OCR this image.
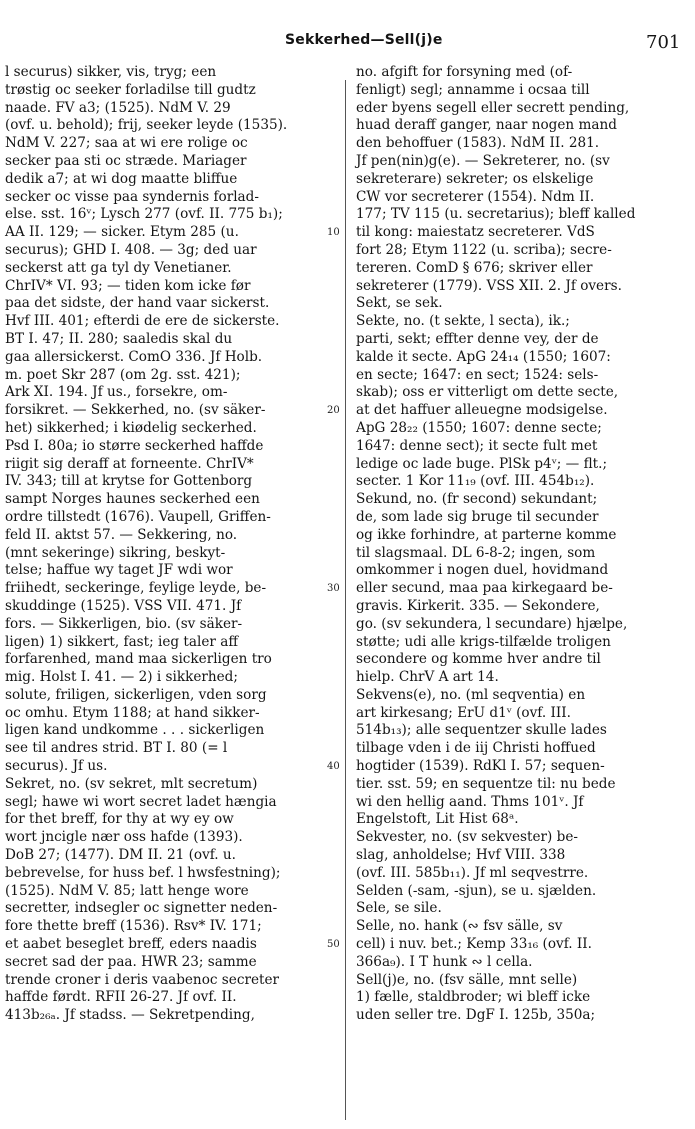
Sekkerhed—Sell(j)e	701
l securus) sikker, vis, tryg; een
trøstig oc seeker forladilse till gudtz
naade. FV a3; (1525). NdM V. 29
(ovf. u. behold); frij, seeker leyde (1535).
NdM V. 227; saa at wi ere rolige oc
secker paa sti oc stræde. Mariager
dedik a7; at wi dog maatte bliffue
secker oc visse paa syndernis forlad-
else. sst. 16ᵛ; Lysch 277 (ovf. II. 775 b₁);
AA II. 129; — sicker. Etym 285 (u.
securus); GHD I. 408. — 3g; ded uar
seckerst att ga tyl dy Venetianer.
ChrIV* VI. 93; — tiden kom icke før
paa det sidste, der hand vaar sickerst.
Hvf III. 401; efterdi de ere de sickerste.
BT I. 47; II. 280; saaledis skal du
gaa allersickerst. ComO 336. Jf Holb.
m. poet Skr 287 (om 2g. sst. 421);
Ark XI. 194. Jf us., forsekre, om-
forsikret. — Sekkerhed, no. (sv säker-
het) sikkerhed; i kiødelig seckerhed.
Psd I. 80a; io større seckerhed haffde
riigit sig deraff at forneente. ChrIV*
IV. 343; till at krytse for Gottenborg
sampt Norges haunes seckerhed een
ordre tillstedt (1676). Vaupell, Griffen-
feld II. aktst 57. — Sekkering, no.
(mnt sekeringe) sikring, beskyt-
telse; haffue wy taget JF wdi wor
friihedt, seckeringe, feylige leyde, be-
skuddinge (1525). VSS VII. 471. Jf
fors. — Sikkerligen, bio. (sv säker-
ligen) 1) sikkert, fast; ieg taler aff
forfarenhed, mand maa sickerligen tro
mig. Holst I. 41. — 2) i sikkerhed;
solute, friligen, sickerligen, vden sorg
oc omhu. Etym 1188; at hand sikker-
ligen kand undkomme . . . sickerligen
see til andres strid. BT I. 80 (= l
securus). Jf us.
Sekret, no. (sv sekret, mlt secretum)
segl; hawe wi wort secret ladet hængia
for thet breff, for thy at wy ey ow
wort jncigle nær oss hafde (1393).
DoB 27; (1477). DM II. 21 (ovf. u.
bebrevelse, for huss bef. l hwsfestning);
(1525). NdM V. 85; latt henge wore
secretter, indsegler oc signetter neden-
fore thette breff (1536). Rsv* IV. 171;
et aabet beseglet breff, eders naadis
secret sad der paa. HWR 23; samme
trende croner i deris vaabenoc secreter
haffde førdt. RFII 26-27. Jf ovf. II.
413b₂₆ₐ. Jf stadss. — Sekretpending,
no. afgift for forsyning med (of-
fenligt) segl; annamme i ocsaa till
eder byens segell eller secrett pending,
huad deraff ganger, naar nogen mand
den behoffuer (1583). NdM II. 281.
Jf pen(nin)g(e). — Sekreterer, no. (sv
sekreterare) sekreter; os elskelige
CW vor secreterer (1554). Ndm II.
177; TV 115 (u. secretarius); bleff kalled
til kong: maiestatz secreterer. VdS
10
fort 28; Etym 1122 (u. scriba); secre-
tereren. ComD § 676; skriver eller
sekreterer (1779). VSS XII. 2. Jf overs.
Sekt, se sek.
Sekte, no. (t sekte, l secta), ik.;
parti, sekt; effter denne vey, der de
kalde it secte. ApG 24₁₄ (1550; 1607:
en secte; 1647: en sect; 1524: sels-
skab); oss er vitterligt om dette secte,
at det haffuer alleuegne modsigelse.
20
ApG 28₂₂ (1550; 1607: denne secte;
1647: denne sect); it secte fult met
ledige oc lade buge. PlSk p4ᵛ; — flt.;
secter. 1 Kor 11₁₉ (ovf. III. 454b₁₂).
Sekund, no. (fr second) sekundant;
de, som lade sig bruge til secunder
og ikke forhindre, at parterne komme
til slagsmaal. DL 6-8-2; ingen, som
omkommer i nogen duel, hovidmand
eller secund, maa paa kirkegaard be-
30
gravis. Kirkerit. 335. — Sekondere,
go. (sv sekundera, l secundare) hjælpe,
støtte; udi alle krigs-tilfælde troligen
secondere og komme hver andre til
hielp. ChrV A art 14.
Sekvens(e), no. (ml seqventia) en
art kirkesang; ErU d1ᵛ (ovf. III.
514b₁₃); alle sequentzer skulle lades
tilbage vden i de iij Christi hoffued
hogtider (1539). RdKl I. 57; sequen-
40
tier. sst. 59; en sequentze til: nu bede
wi den hellig aand. Thms 101ᵛ. Jf
Engelstoft, Lit Hist 68ᵃ.
Sekvester, no. (sv sekvester) be-
slag, anholdelse; Hvf VIII. 338
(ovf. III. 585b₁₁). Jf ml seqvestrre.
Selden (-sam, -sjun), se u. sjælden.
Sele, se sile.
Selle, no. hank (∾ fsv sälle, sv
cell) i nuv. bet.; Kemp 33₁₆ (ovf. II.
50
366a₉). I T hunk ∾ l cella.
Sell(j)e, no. (fsv sälle, mnt selle)
1) fælle, staldbroder; wi bleff icke
uden seller tre. DgF I. 125b, 350a;
